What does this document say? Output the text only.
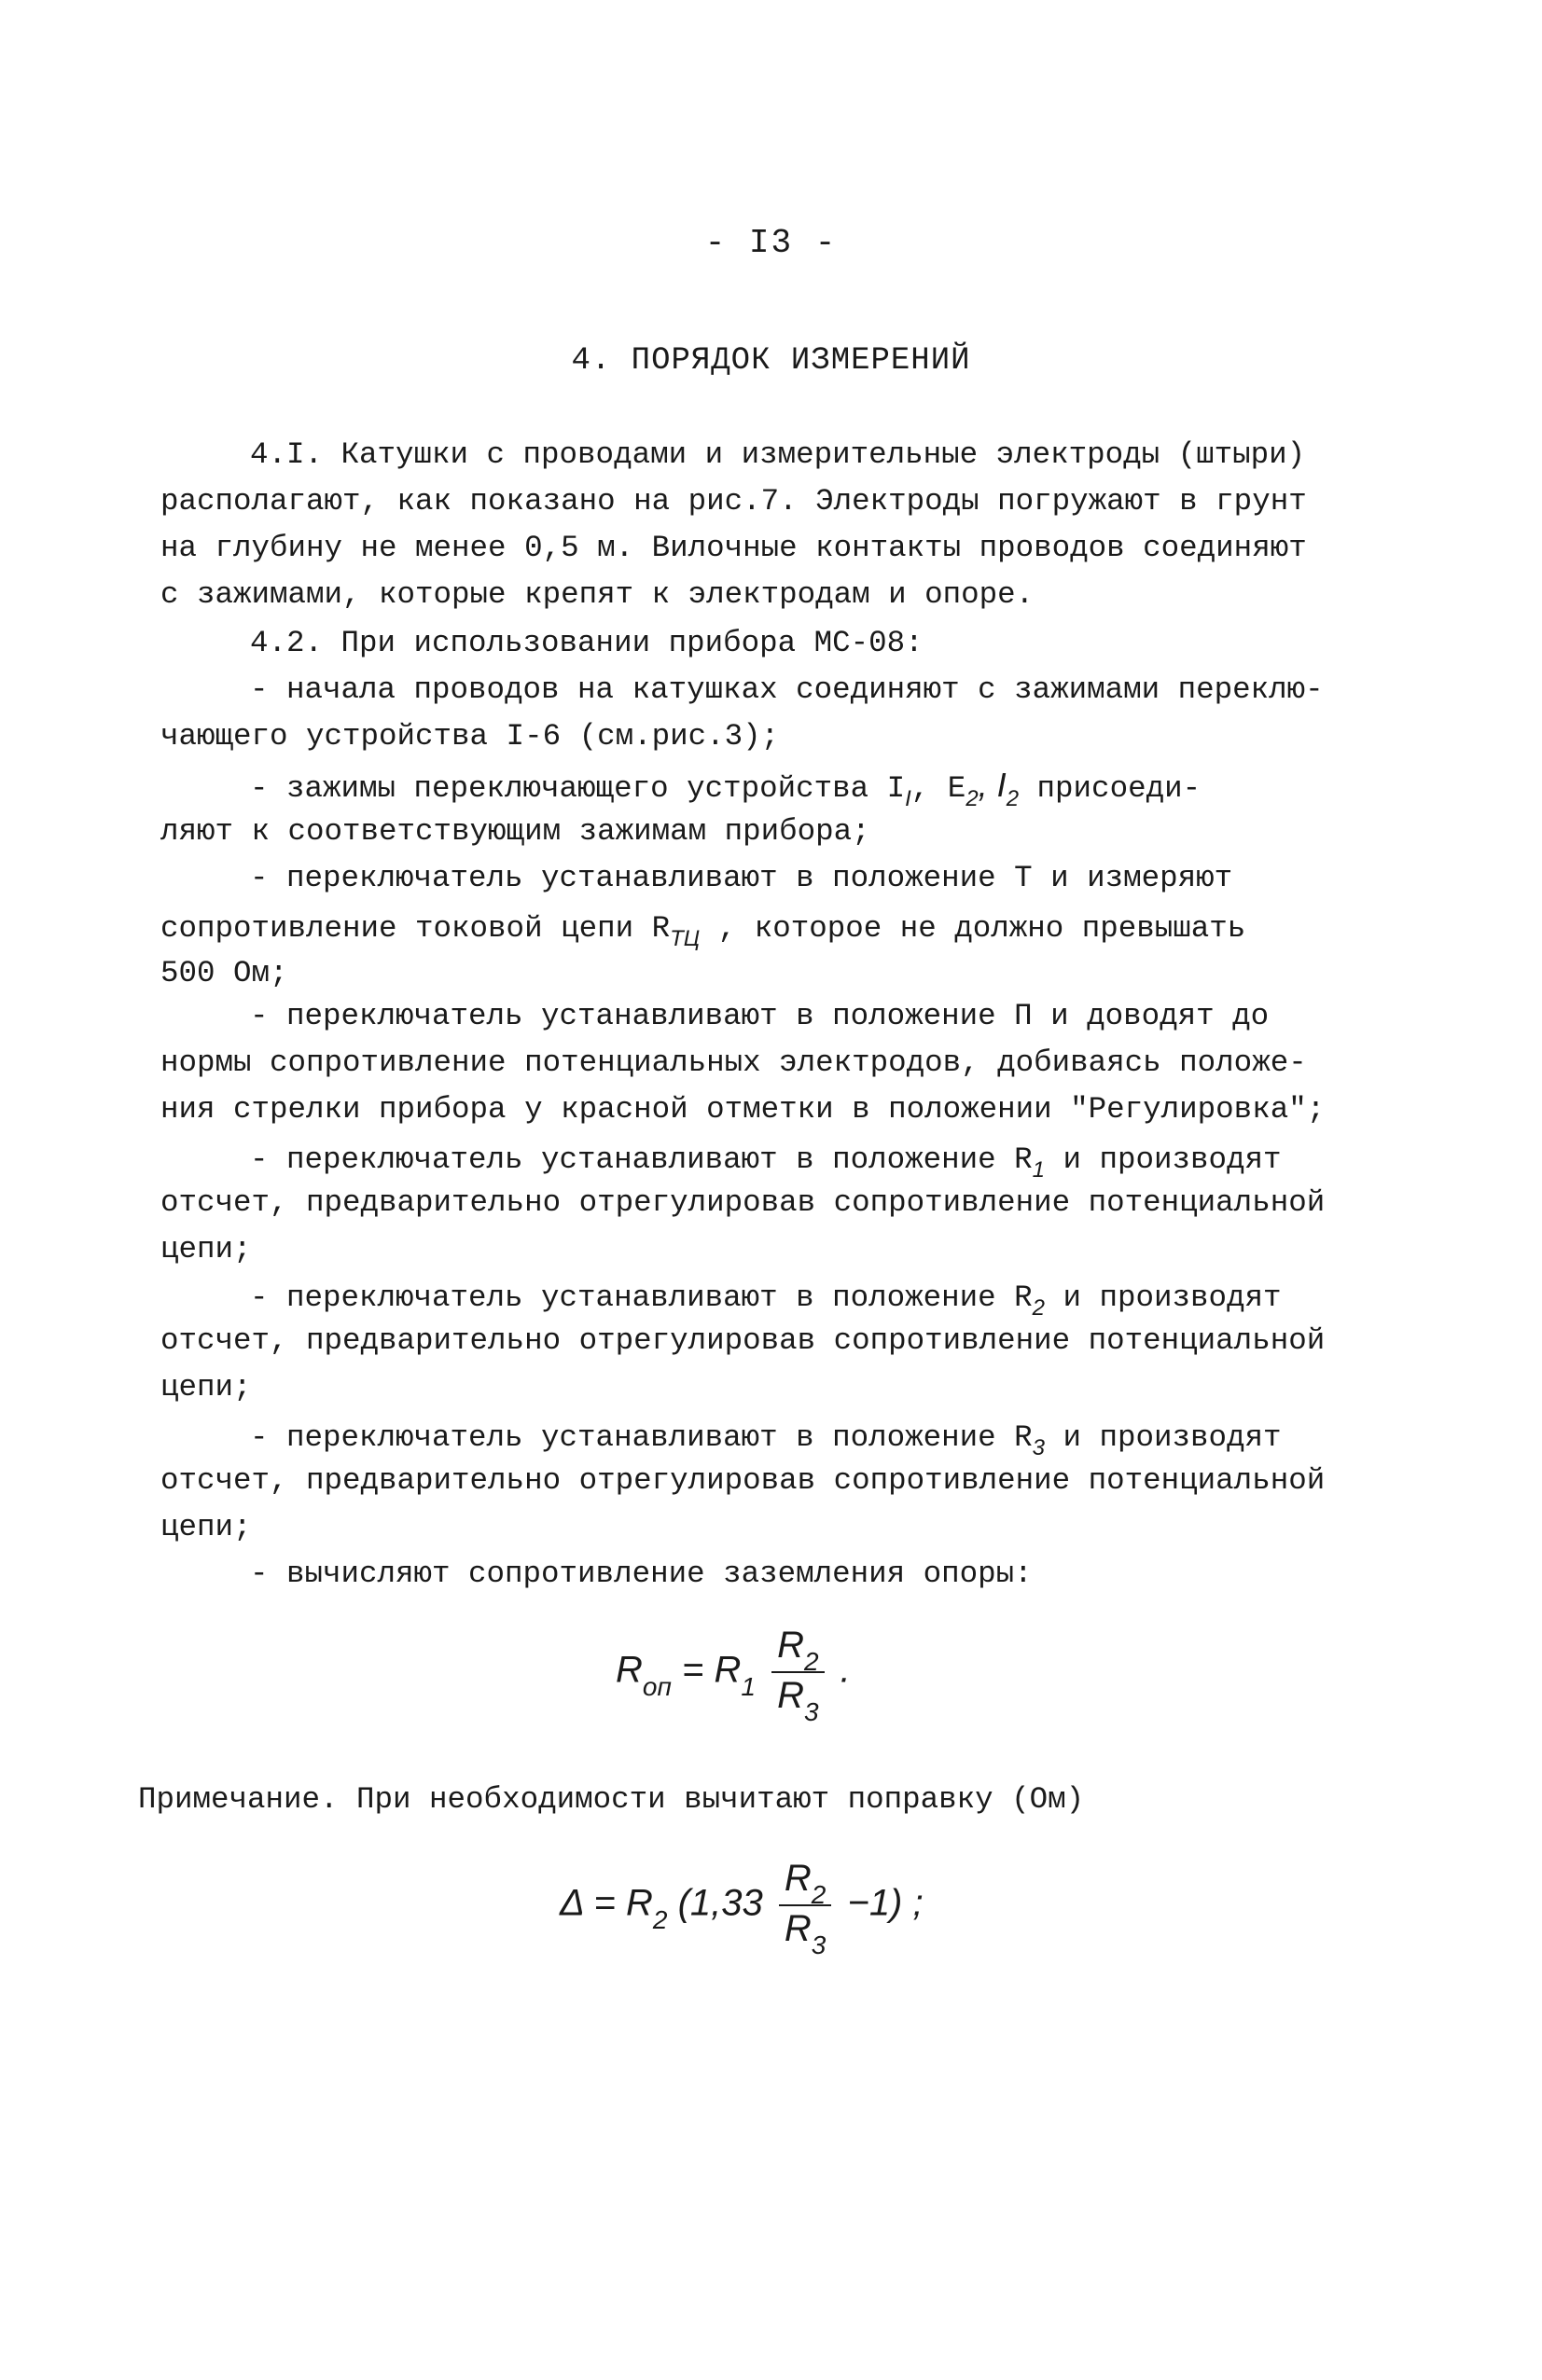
- I3 -
4. ПОРЯДОК ИЗМЕРЕНИЙ
4.I. Катушки с проводами и измерительные электроды (штыри)
располагают, как показано на рис.7. Электроды погружают в грунт
на глубину не менее 0,5 м. Вилочные контакты проводов соединяют
с зажимами, которые крепят к электродам и опоре.
4.2. При использовании прибора МС-08:
- начала проводов на катушках соединяют с зажимами переклю-
чающего устройства I-6 (см.рис.3);
- зажимы переключающего устройства $I_I$, $E_2$, $I_2$ присоеди-
ляют к соответствующим зажимам прибора;
- переключатель устанавливают в положение Т и измеряют
сопротивление токовой цепи $R_{ТЦ}$ , которое не должно превышать
500 Ом;
- переключатель устанавливают в положение П и доводят до
нормы сопротивление потенциальных электродов, добиваясь положе-
ния стрелки прибора у красной отметки в положении "Регулировка";
- переключатель устанавливают в положение $R_1$ и производят
отсчет, предварительно отрегулировав сопротивление потенциальной
цепи;
- переключатель устанавливают в положение $R_2$ и производят
отсчет, предварительно отрегулировав сопротивление потенциальной
цепи;
- переключатель устанавливают в положение $R_3$ и производят
отсчет, предварительно отрегулировав сопротивление потенциальной
цепи;
- вычисляют сопротивление заземления опоры:
$R_{оп} = R_1 \frac{R_2}{R_3}$ .
Примечание. При необходимости вычитают поправку (Ом)
$\Delta = R_2$ $(1,33 \frac{R_2}{R_3} -1)$ ;
